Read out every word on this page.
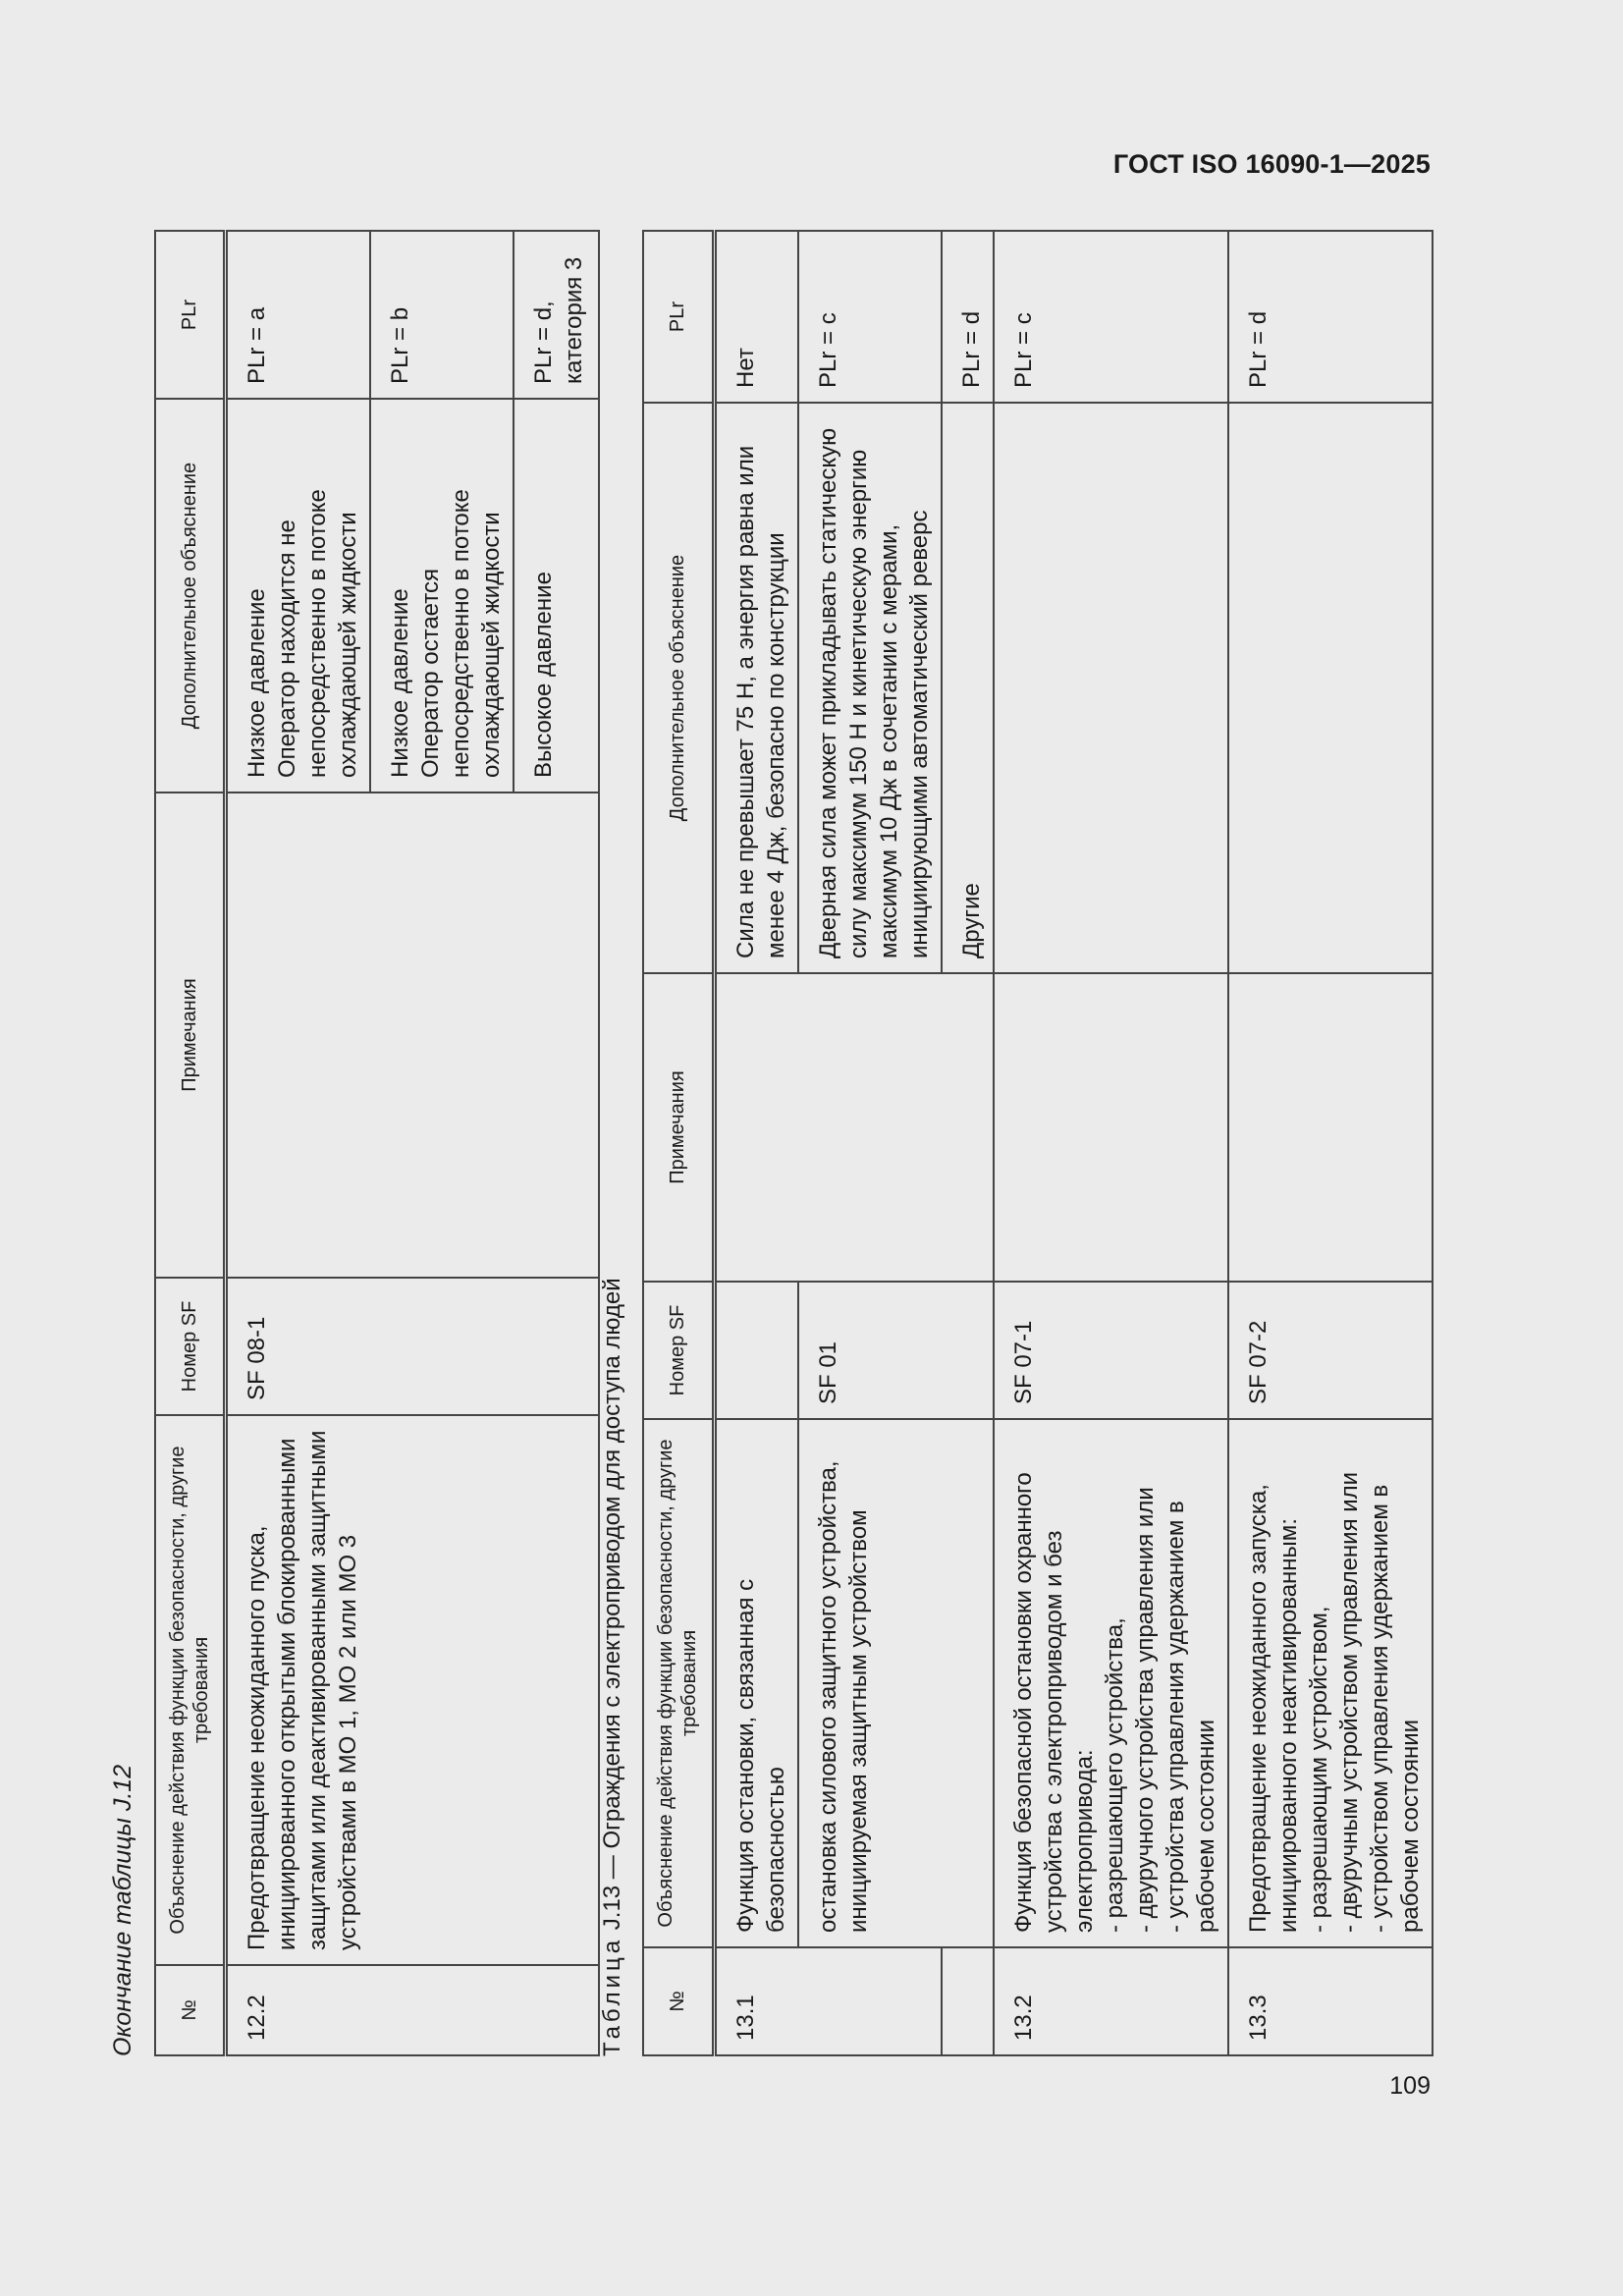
ГОСТ ISO 16090-1—2025
109
Окончание таблицы J.12 №	Объяснение действия функции безопасности, другие требования	Номер SF	Примечания	Дополнительное объяснение	PLr
12.2	Предотвращение неожиданного пуска, инициированного открытыми блокированными защитами или деактивированными защитными устройствами в МО 1, МО 2 или МО 3	SF 08-1		Низкое давление Оператор находится не непосредственно в потоке охлаждающей жидкости	PLr = a

				Низкое давление Оператор остается непосредственно в потоке охлаждающей жидкости	PLr = b

				Высокое давление	PLr = d, категория 3
Таблица J.13 — Ограждения с электроприводом для доступа людей
№	Объяснение действия функции безопасности, другие требования	Номер SF	Примечания	Дополнительное объяснение	PLr
13.1	Функция остановки, связанная с безопасностью			Сила не превышает 75 Н, а энергия равна или менее 4 Дж, безопасно по конструкции	Нет
	остановка силового защитного устройства, инициируемая защитным устройством	SF 01		Дверная сила может прикладывать статическую силу максимум 150 Н и кинетическую энергию максимум 10 Дж в сочетании с мерами, инициирующими автоматический реверс	PLr = c
				Другие	PLr = d
13.2	Функция безопасной остановки охранного устройства с электроприводом и без электропривода:
- разрешающего устройства,
- двуручного устройства управления или
- устройства управления удержанием в рабочем состоянии	SF 07-1			PLr = c
13.3	Предотвращение неожиданного запуска, инициированного неактивированным:
- разрешающим устройством,
- двуручным устройством управления или
- устройством управления удержанием в рабочем состоянии	SF 07-2			PLr = d
